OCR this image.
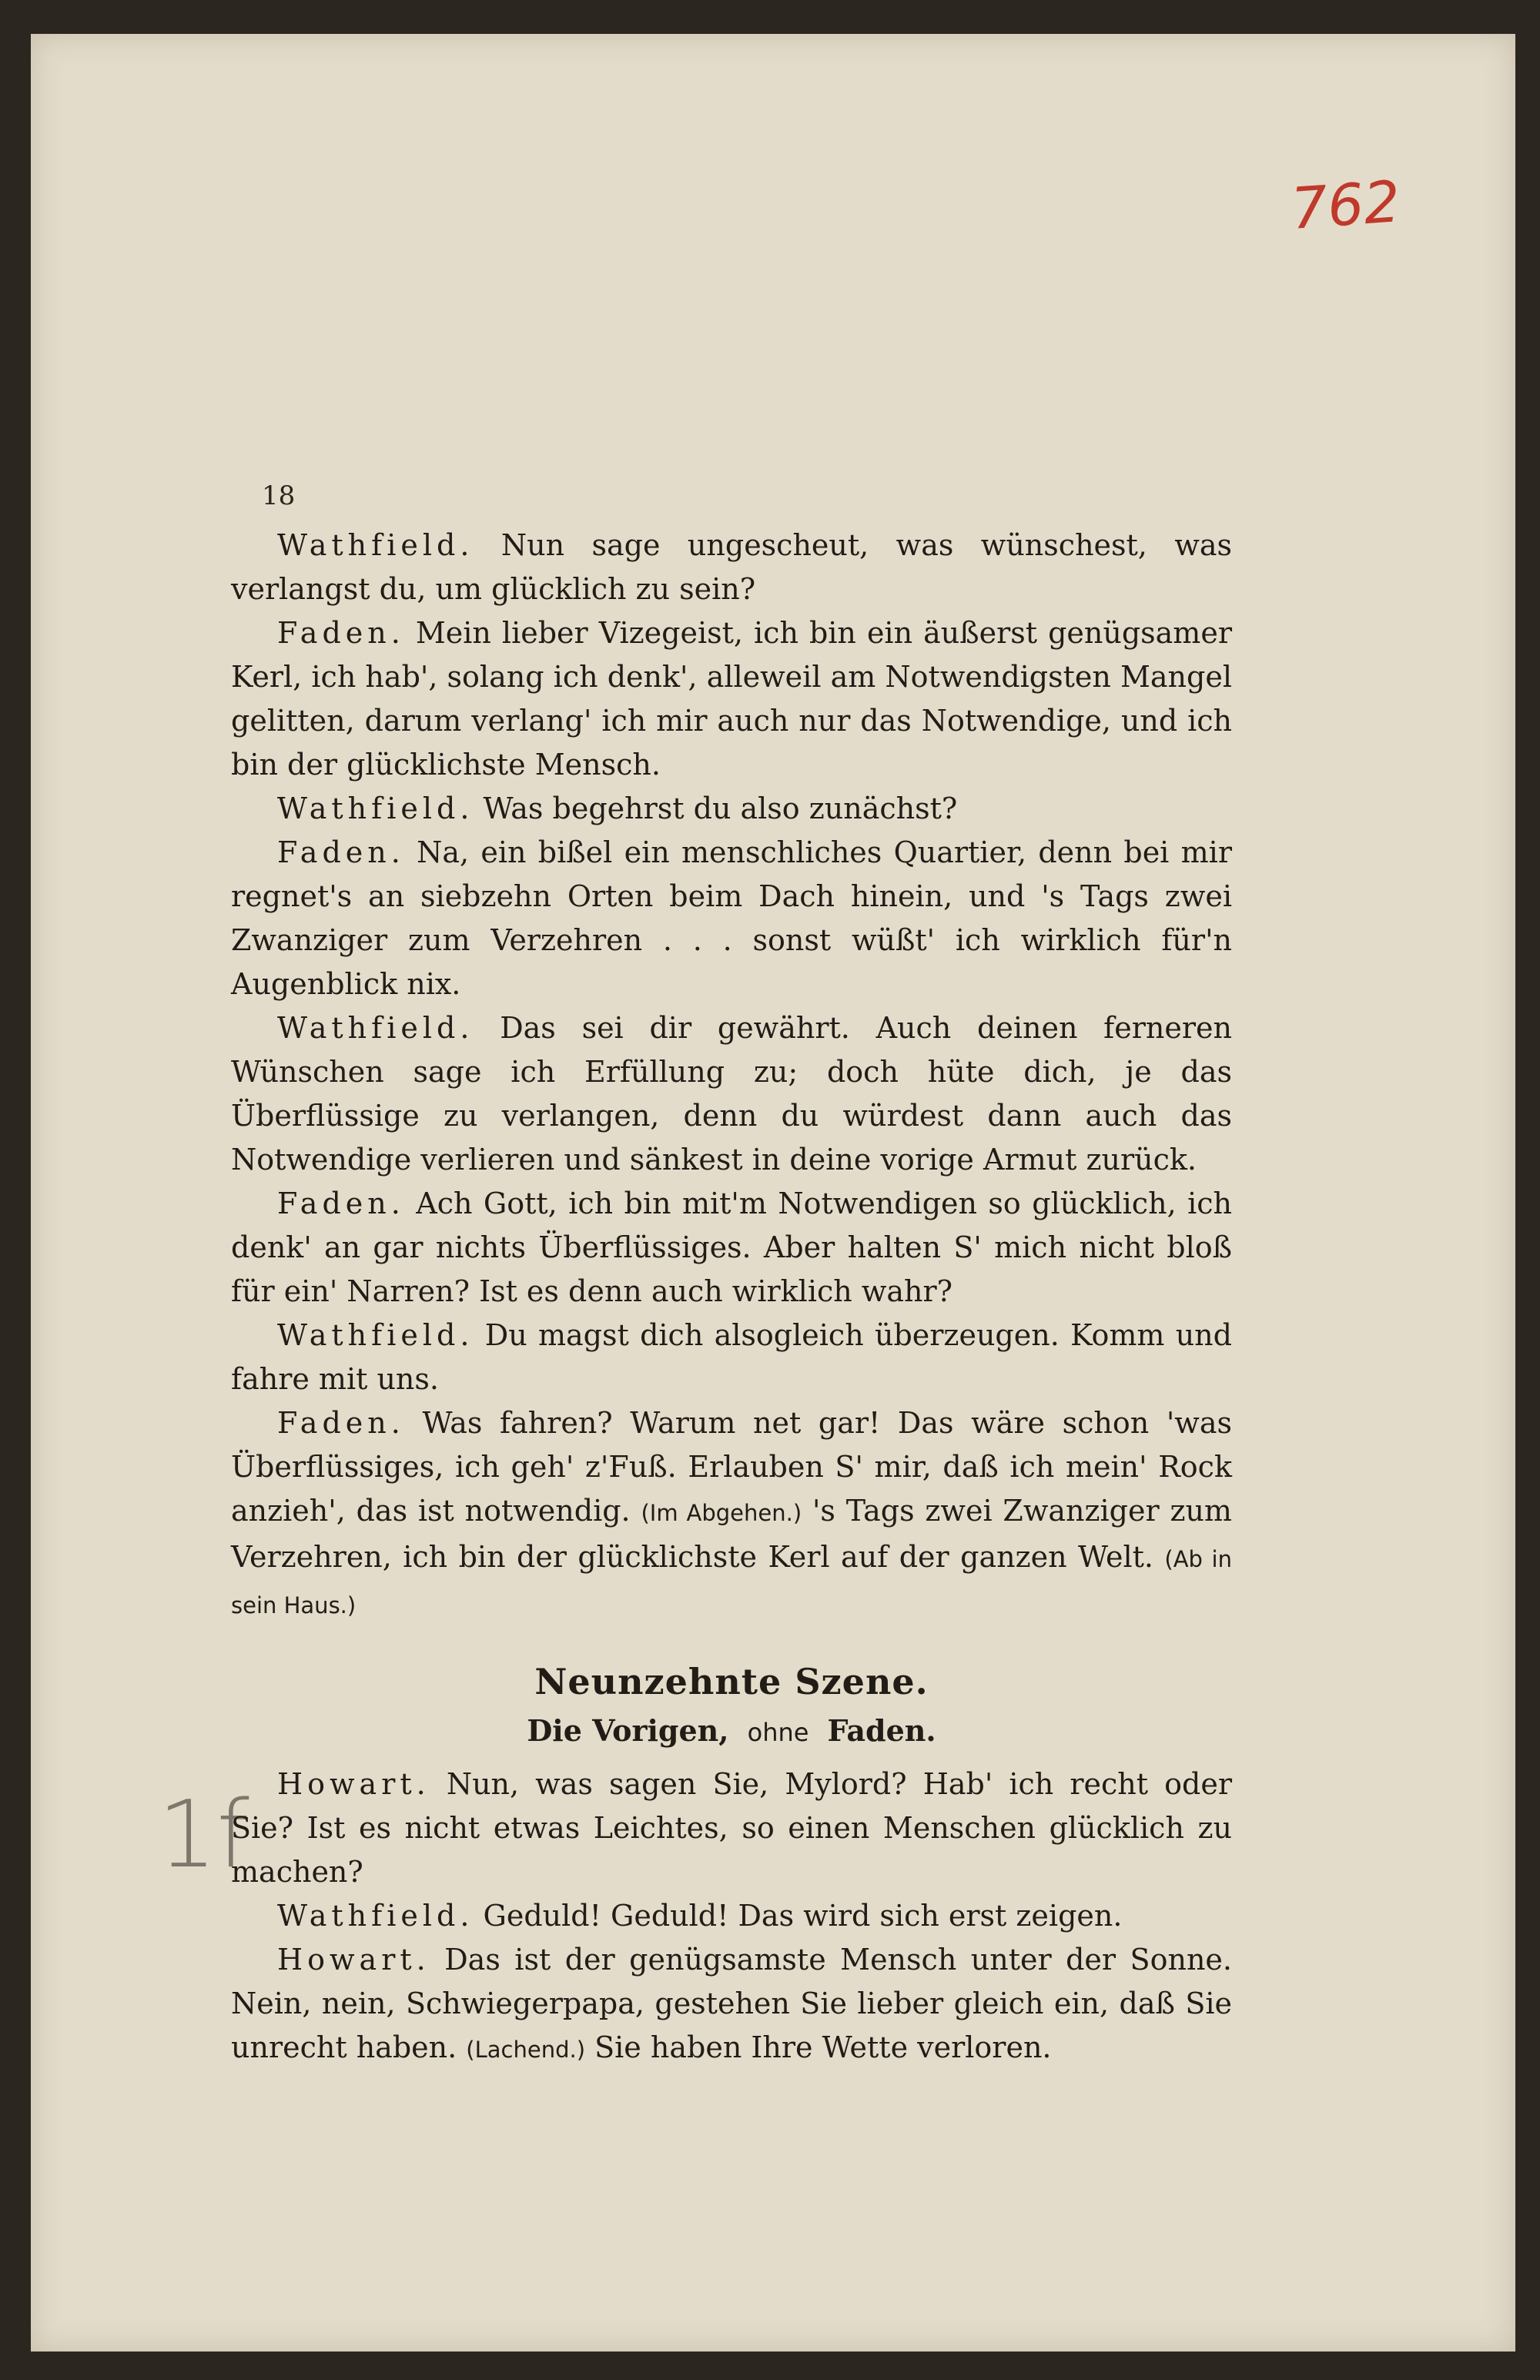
762
18
1f

Wathfield. Nun sage ungescheut, was wünschest, was verlangst du, um glücklich zu sein?

Faden. Mein lieber Vizegeist, ich bin ein äußerst genügsamer Kerl, ich hab', solang ich denk', alleweil am Notwendigsten Mangel gelitten, darum verlang' ich mir auch nur das Notwendige, und ich bin der glücklichste Mensch.

Wathfield. Was begehrst du also zunächst?

Faden. Na, ein bißel ein menschliches Quartier, denn bei mir regnet's an siebzehn Orten beim Dach hinein, und 's Tags zwei Zwanziger zum Verzehren . . . sonst wüßt' ich wirklich für'n Augenblick nix.

Wathfield. Das sei dir gewährt. Auch deinen ferneren Wünschen sage ich Erfüllung zu; doch hüte dich, je das Überflüssige zu verlangen, denn du würdest dann auch das Notwendige verlieren und sänkest in deine vorige Armut zurück.

Faden. Ach Gott, ich bin mit'm Notwendigen so glücklich, ich denk' an gar nichts Überflüssiges. Aber halten S' mich nicht bloß für ein' Narren? Ist es denn auch wirklich wahr?

Wathfield. Du magst dich alsogleich überzeugen. Komm und fahre mit uns.

Faden. Was fahren? Warum net gar! Das wäre schon 'was Überflüssiges, ich geh' z'Fuß. Erlauben S' mir, daß ich mein' Rock anzieh', das ist notwendig. (Im Abgehen.) 's Tags zwei Zwanziger zum Verzehren, ich bin der glücklichste Kerl auf der ganzen Welt. (Ab in sein Haus.)

Neunzehnte Szene.
Die Vorigen, ohne Faden.

Howart. Nun, was sagen Sie, Mylord? Hab' ich recht oder Sie? Ist es nicht etwas Leichtes, so einen Menschen glücklich zu machen?

Wathfield. Geduld! Geduld! Das wird sich erst zeigen.

Howart. Das ist der genügsamste Mensch unter der Sonne. Nein, nein, Schwiegerpapa, gestehen Sie lieber gleich ein, daß Sie unrecht haben. (Lachend.) Sie haben Ihre Wette verloren.
